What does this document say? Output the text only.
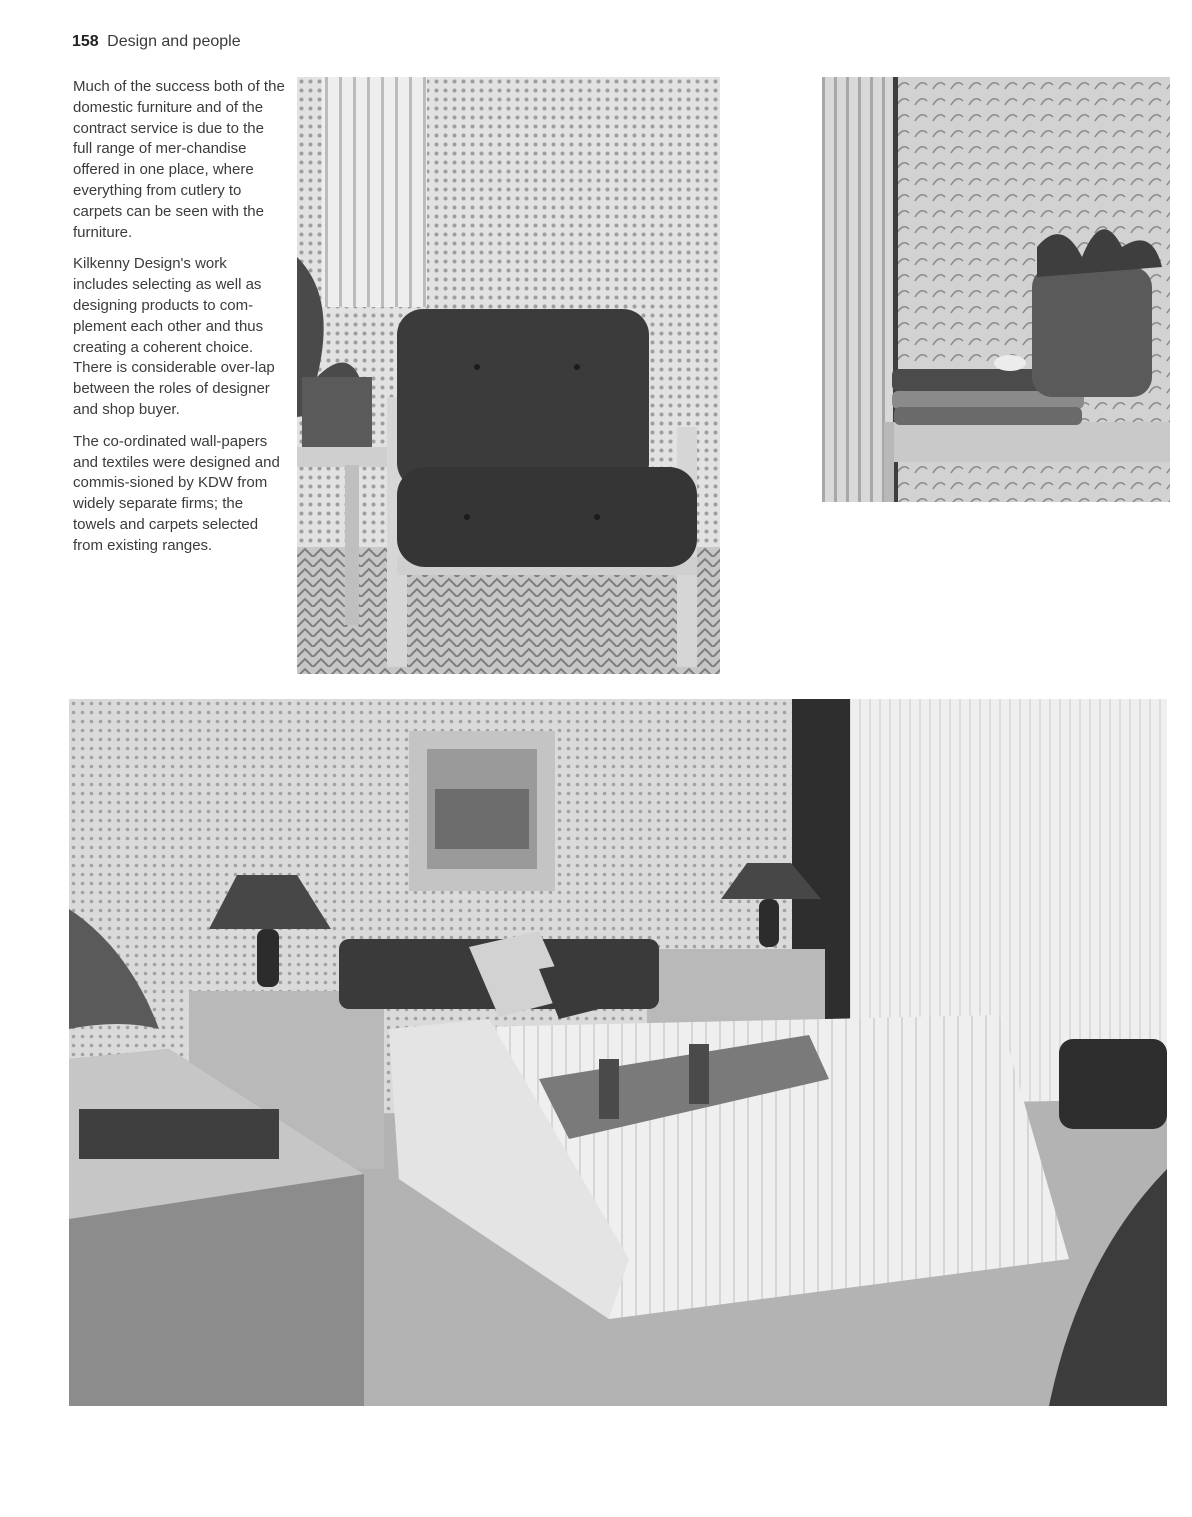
158 Design and people

Much of the success both of the domestic furniture and of the contract service is due to the full range of mer-chandise offered in one place, where everything from cutlery to carpets can be seen with the furniture.

Kilkenny Design's work includes selecting as well as designing products to com-plement each other and thus creating a coherent choice. There is considerable over-lap between the roles of designer and shop buyer.

The co-ordinated wall-papers and textiles were designed and commis-sioned by KDW from widely separate firms; the towels and carpets selected from existing ranges.
